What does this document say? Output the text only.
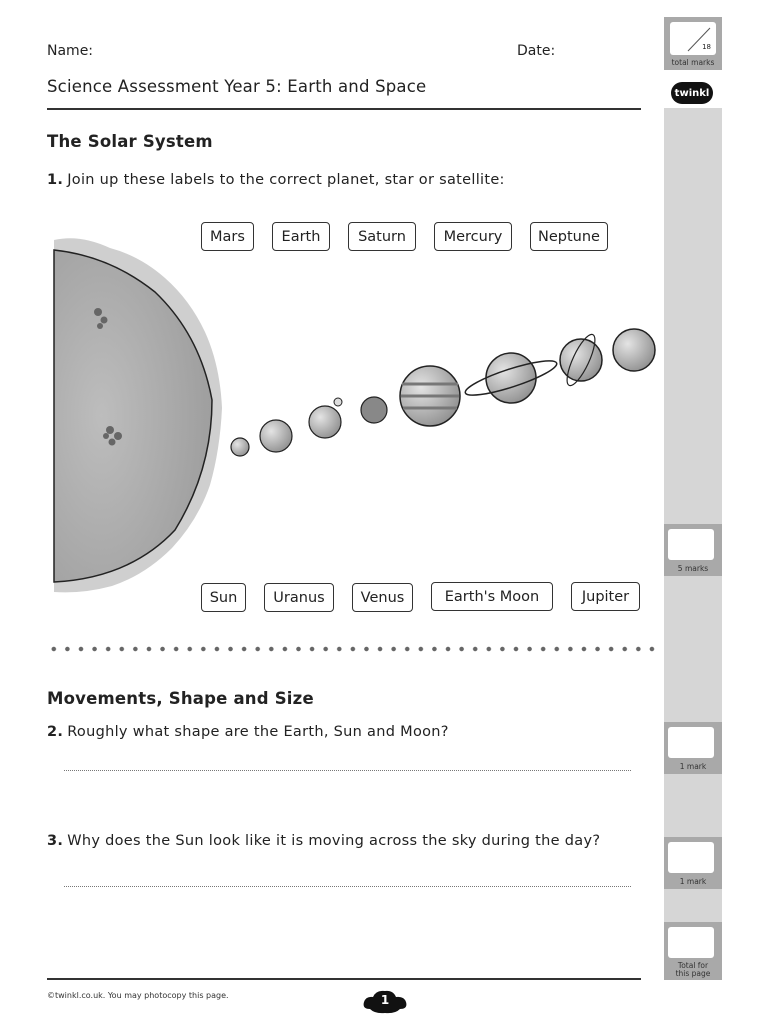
Name:	Date:
Science Assessment Year 5: Earth and Space
18
total marks
twinkl
5 marks
1 mark
1 mark
Total for
this page
The Solar System
1. Join up these labels to the correct planet, star or satellite:
Mars	Earth	Saturn	Mercury	Neptune
Sun	Uranus	Venus	Earth's Moon	Jupiter
Movements, Shape and Size
2. Roughly what shape are the Earth, Sun and Moon?
3. Why does the Sun look like it is moving across the sky during the day?
©twinkl.co.uk. You may photocopy this page.	1
